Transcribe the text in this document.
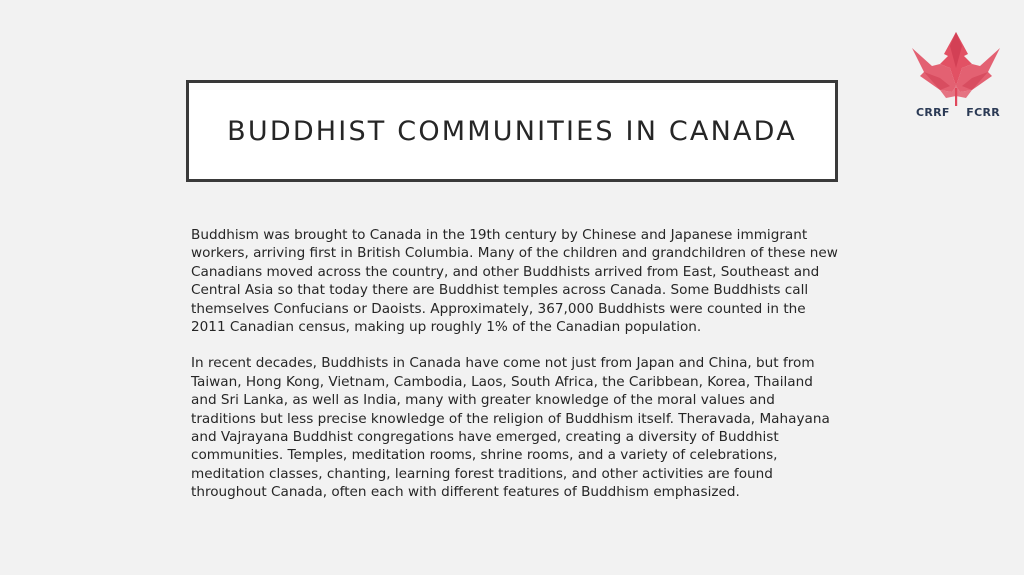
CRRF FCRR
BUDDHIST COMMUNITIES IN CANADA

Buddhism was brought to Canada in the 19th century by Chinese and Japanese immigrant workers, arriving first in British Columbia. Many of the children and grandchildren of these new Canadians moved across the country, and other Buddhists arrived from East, Southeast and Central Asia so that today there are Buddhist temples across Canada. Some Buddhists call themselves Confucians or Daoists. Approximately, 367,000 Buddhists were counted in the 2011 Canadian census, making up roughly 1% of the Canadian population.

In recent decades, Buddhists in Canada have come not just from Japan and China, but from Taiwan, Hong Kong, Vietnam, Cambodia, Laos, South Africa, the Caribbean, Korea, Thailand and Sri Lanka, as well as India, many with greater knowledge of the moral values and traditions but less precise knowledge of the religion of Buddhism itself. Theravada, Mahayana and Vajrayana Buddhist congregations have emerged, creating a diversity of Buddhist communities. Temples, meditation rooms, shrine rooms, and a variety of celebrations, meditation classes, chanting, learning forest traditions, and other activities are found throughout Canada, often each with different features of Buddhism emphasized.
